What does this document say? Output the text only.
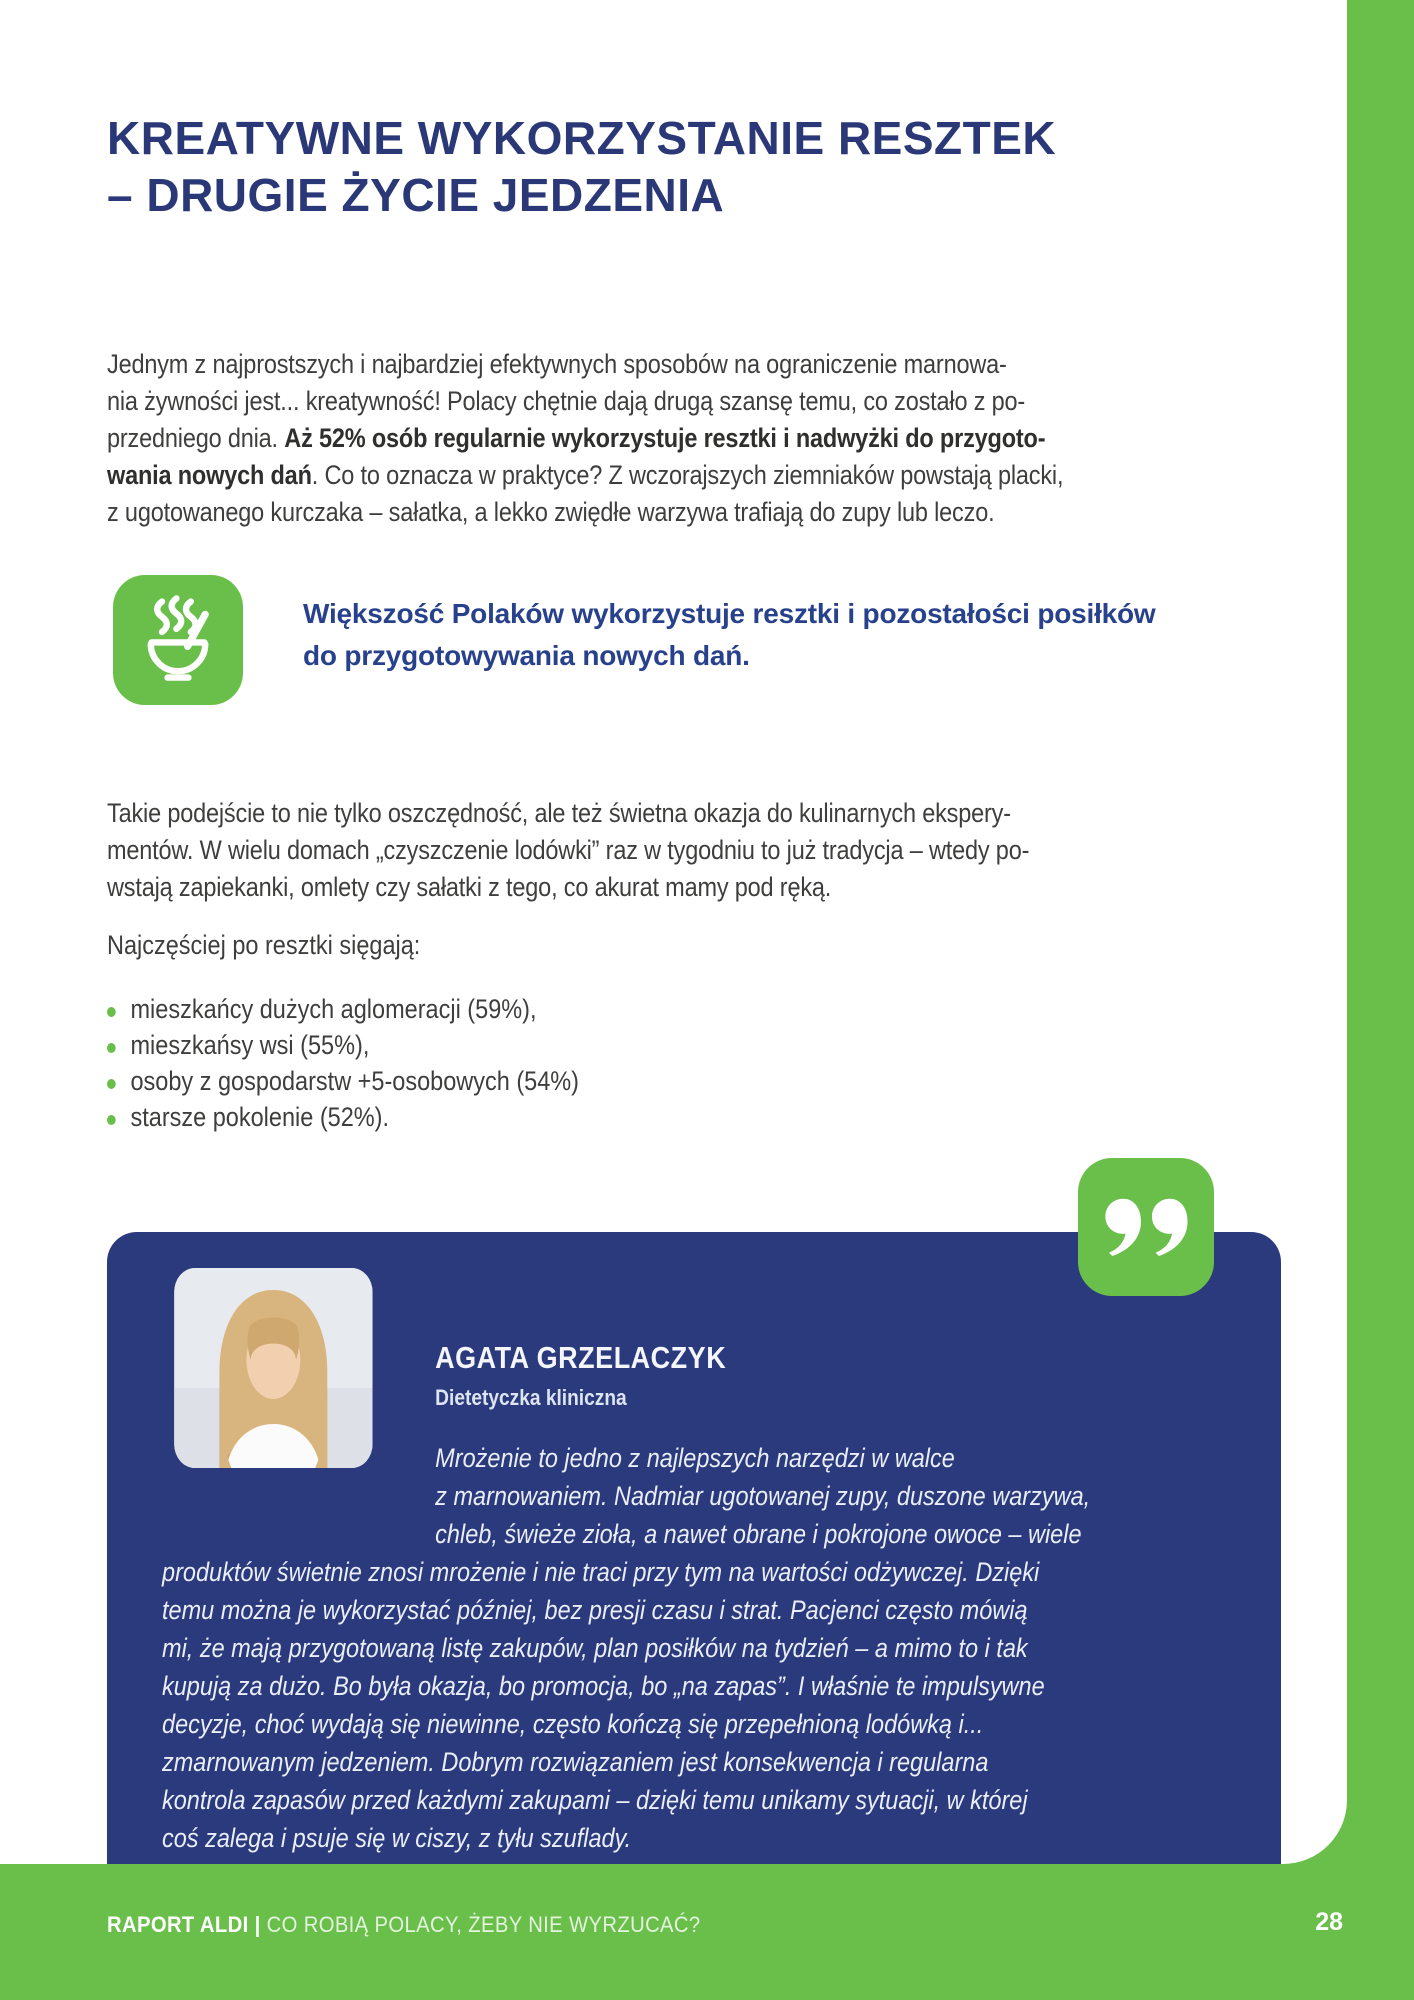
KREATYWNE WYKORZYSTANIE RESZTEK
– DRUGIE ŻYCIE JEDZENIA
Jednym z najprostszych i najbardziej efektywnych sposobów na ograniczenie marnowa-
nia żywności jest... kreatywność! Polacy chętnie dają drugą szansę temu, co zostało z po-
przedniego dnia. Aż 52% osób regularnie wykorzystuje resztki i nadwyżki do przygoto-
wania nowych dań. Co to oznacza w praktyce? Z wczorajszych ziemniaków powstają placki,
z ugotowanego kurczaka – sałatka, a lekko zwiędłe warzywa trafiają do zupy lub leczo.
Większość Polaków wykorzystuje resztki i pozostałości posiłków
do przygotowywania nowych dań.
Takie podejście to nie tylko oszczędność, ale też świetna okazja do kulinarnych ekspery-
mentów. W wielu domach „czyszczenie lodówki” raz w tygodniu to już tradycja – wtedy po-
wstają zapiekanki, omlety czy sałatki z tego, co akurat mamy pod ręką.
Najczęściej po resztki sięgają:
mieszkańcy dużych aglomeracji (59%),
mieszkańsy wsi (55%),
osoby z gospodarstw +5-osobowych (54%)
starsze pokolenie (52%).
AGATA GRZELACZYK
Dietetyczka kliniczna
Mrożenie to jedno z najlepszych narzędzi w walce
z marnowaniem. Nadmiar ugotowanej zupy, duszone warzywa,
chleb, świeże zioła, a nawet obrane i pokrojone owoce – wiele
produktów świetnie znosi mrożenie i nie traci przy tym na wartości odżywczej. Dzięki
temu można je wykorzystać później, bez presji czasu i strat. Pacjenci często mówią
mi, że mają przygotowaną listę zakupów, plan posiłków na tydzień – a mimo to i tak
kupują za dużo. Bo była okazja, bo promocja, bo „na zapas”. I właśnie te impulsywne
decyzje, choć wydają się niewinne, często kończą się przepełnioną lodówką i...
zmarnowanym jedzeniem. Dobrym rozwiązaniem jest konsekwencja i regularna
kontrola zapasów przed każdymi zakupami – dzięki temu unikamy sytuacji, w której
coś zalega i psuje się w ciszy, z tyłu szuflady.
RAPORT ALDI | CO ROBIĄ POLACY, ŻEBY NIE WYRZUCAĆ?	28
